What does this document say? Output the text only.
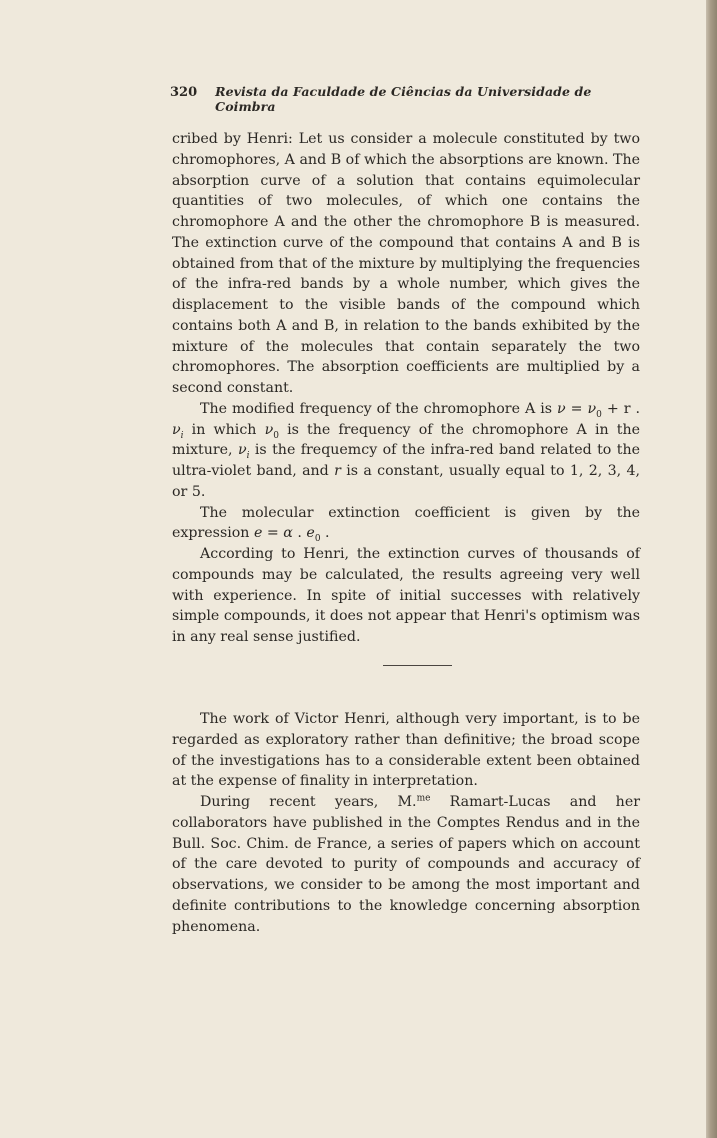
320 Revista da Faculdade de Ciências da Universidade de Coimbra

cribed by Henri: Let us consider a molecule constituted by two chromophores, A and B of which the absorptions are known. The absorption curve of a solution that contains equimolecular quantities of two molecules, of which one contains the chromophore A and the other the chromophore B is measured. The extinction curve of the compound that contains A and B is obtained from that of the mixture by multiplying the frequencies of the infra-red bands by a whole number, which gives the displacement to the visible bands of the compound which contains both A and B, in relation to the bands exhibited by the mixture of the molecules that contain separately the two chromophores. The absorption coefficients are multiplied by a second constant.

The modified frequency of the chromophore A is $\nu = \nu_0 + r$ . $\nu_i$ in which $\nu_0$ is the frequency of the chromophore A in the mixture, $\nu_i$ is the frequemcy of the infra-red band related to the ultra-violet band, and r is a constant, usually equal to 1, 2, 3, 4, or 5.

The molecular extinction coefficient is given by the expression e = α . $e_0$ .

According to Henri, the extinction curves of thousands of compounds may be calculated, the results agreeing very well with experience. In spite of initial successes with relatively simple compounds, it does not appear that Henri's optimism was in any real sense justified.

The work of Victor Henri, although very important, is to be regarded as exploratory rather than definitive; the broad scope of the investigations has to a considerable extent been obtained at the expense of finality in interpretation.

During recent years, M.$^{me}$ Ramart-Lucas and her collaborators have published in the Comptes Rendus and in the Bull. Soc. Chim. de France, a series of papers which on account of the care devoted to purity of compounds and accuracy of observations, we consider to be among the most important and definite contributions to the knowledge concerning absorption phenomena.
